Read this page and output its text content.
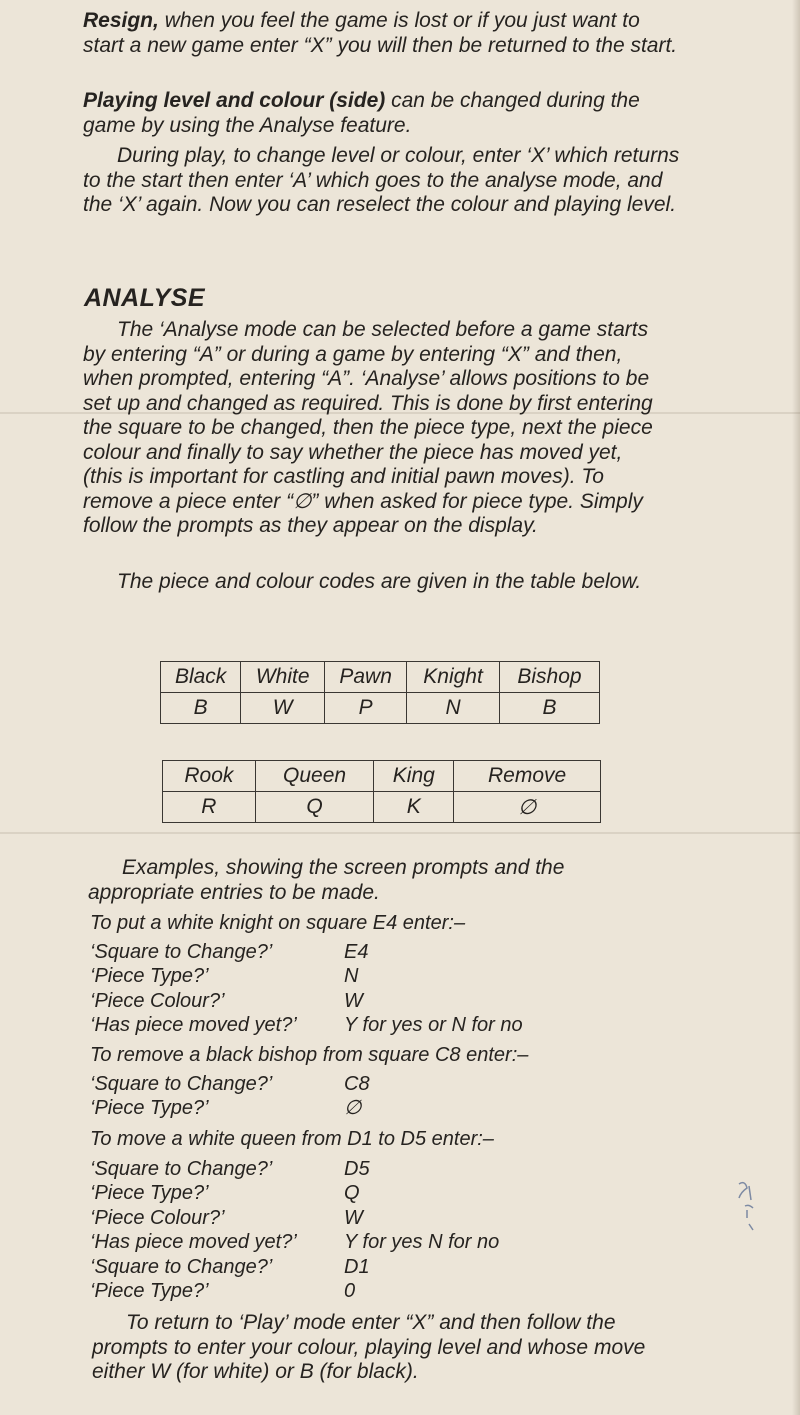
Resign, when you feel the game is lost or if you just want to start a new game enter “X” you will then be returned to the start.

Playing level and colour (side) can be changed during the game by using the Analyse feature.

During play, to change level or colour, enter ‘X’ which returns to the start then enter ‘A’ which goes to the analyse mode, and the ‘X’ again. Now you can reselect the colour and playing level.

ANALYSE

The ‘Analyse mode can be selected before a game starts by entering “A” or during a game by entering “X” and then, when prompted, entering “A”. ‘Analyse’ allows positions to be set up and changed as required. This is done by first entering the square to be changed, then the piece type, next the piece colour and finally to say whether the piece has moved yet, (this is important for castling and initial pawn moves). To remove a piece enter “∅” when asked for piece type. Simply follow the prompts as they appear on the display.

The piece and colour codes are given in the table below.

Black	White	Pawn	Knight	Bishop
B	W	P	N	B
Rook	Queen	King	Remove
R	Q	K	∅

Examples, showing the screen prompts and the appropriate entries to be made.

To put a white knight on square E4 enter:–
‘Square to Change?’	E4
‘Piece Type?’	N
‘Piece Colour?’	W
‘Has piece moved yet?’ Y for yes or N for no
To remove a black bishop from square C8 enter:–
‘Square to Change?’	C8
‘Piece Type?’	∅
To move a white queen from D1 to D5 enter:–
‘Square to Change?’	D5
‘Piece Type?’	Q
‘Piece Colour?’	W
‘Has piece moved yet?’ Y for yes N for no
‘Square to Change?’	D1
‘Piece Type?’	0

To return to ‘Play’ mode enter “X” and then follow the prompts to enter your colour, playing level and whose move either W (for white) or B (for black).
